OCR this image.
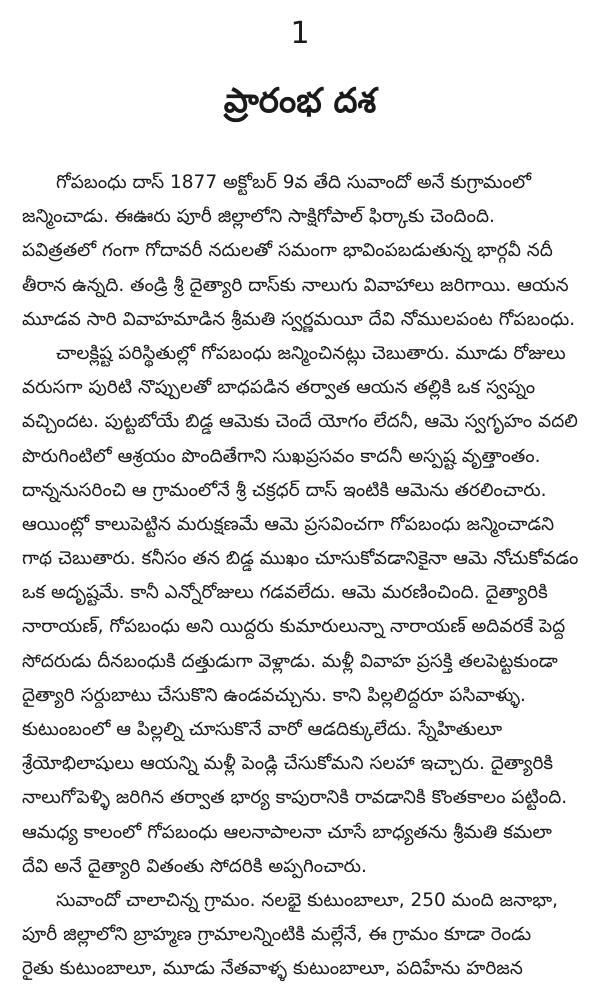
1
ప్రారంభ దశ
గోపబంధు దాస్ 1877 అక్టోబర్ 9వ తేది సువాందో అనే కుగ్రామంలో
జన్మించాడు. ఈఊరు పూరీ జిల్లాలోని సాక్షిగోపాల్ ఫిర్కాకు చెందింది.
పవిత్రతలో గంగా గోదావరీ నదులతో సమంగా భావింపబడుతున్న భార్గవీ నదీ
తీరాన ఉన్నది. తండ్రి శ్రీ దైత్యారి దాస్‌కు నాలుగు వివాహాలు జరిగాయి. ఆయన
మూడవ సారి వివాహమాడిన శ్రీమతి స్వర్ణమయీ దేవి నోములపంట గోపబంధు.
చాలక్లిష్ట పరిస్థితుల్లో గోపబంధు జన్మించినట్లు చెబుతారు. మూడు రోజులు
వరుసగా పురిటి నొప్పులతో బాధపడిన తర్వాత ఆయన తల్లికి ఒక స్వప్నం
వచ్చిందట. పుట్టబోయే బిడ్డ ఆమెకు చెందే యోగం లేదనీ, ఆమె స్వగృహం వదలి
పొరుగింటిలో ఆశ్రయం పొందితేగాని సుఖప్రసవం కాదనీ అస్పష్ట వృత్తాంతం.
దాన్ననుసరించి ఆ గ్రామంలోనే శ్రీ చక్రధర్ దాస్ ఇంటికి ఆమెను తరలించారు.
ఆయింట్లో కాలుపెట్టిన మరుక్షణమే ఆమె ప్రసవించగా గోపబంధు జన్మించాడని
గాథ చెబుతారు. కనీసం తన బిడ్డ ముఖం చూసుకోవడానికైనా ఆమె నోచుకోవడం
ఒక అదృష్టమే. కానీ ఎన్నోరోజులు గడవలేదు. ఆమె మరణించింది. దైత్యారికి
నారాయణ్, గోపబంధు అని యిద్దరు కుమారులున్నా నారాయణ్ అదివరకే పెద్ద
సోదరుడు దీనబంధుకి దత్తుడుగా వెళ్లాడు. మళ్లీ వివాహ ప్రసక్తి తలపెట్టకుండా
దైత్యారి సర్దుబాటు చేసుకొని ఉండవచ్చును. కాని పిల్లలిద్దరూ పసివాళ్ళు.
కుటుంబంలో ఆ పిల్లల్ని చూసుకొనే వారో ఆడదిక్కులేదు. స్నేహితులూ
శ్రేయోభిలాషులు ఆయన్ని మళ్లీ పెండ్లి చేసుకోమని సలహా ఇచ్చారు. దైత్యారికి
నాలుగోపెళ్ళి జరిగిన తర్వాత భార్య కాపురానికి రావడానికి కొంతకాలం పట్టింది.
ఆమధ్య కాలంలో గోపబంధు ఆలనాపాలనా చూసే బాధ్యతను శ్రీమతి కమలా
దేవి అనే దైత్యారి వితంతు సోదరికి అప్పగించారు.
సువాందో చాలాచిన్న గ్రామం. నలభై కుటుంబాలూ, 250 మంది జనాభా,
పూరీ జిల్లాలోని బ్రాహ్మణ గ్రామాలన్నింటికి మల్లేనే, ఈ గ్రామం కూడా రెండు
రైతు కుటుంబాలూ, మూడు నేతవాళ్ళ కుటుంబాలూ, పదిహేను హరిజన
